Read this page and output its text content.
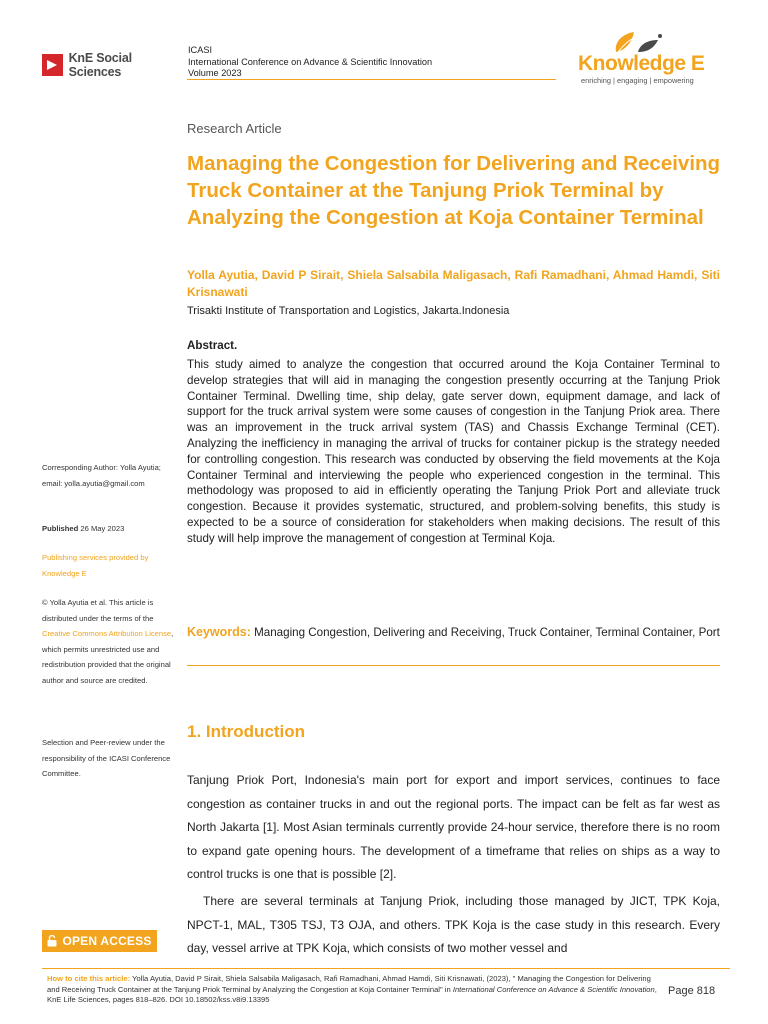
KnE Social Sciences
ICASI
International Conference on Advance & Scientific Innovation
Volume 2023	Knowledge E
enriching | engaging | empowering
Research Article
Managing the Congestion for Delivering and Receiving Truck Container at the Tanjung Priok Terminal by Analyzing the Congestion at Koja Container Terminal
Yolla Ayutia, David P Sirait, Shiela Salsabila Maligasach, Rafi Ramadhani, Ahmad Hamdi, Siti Krisnawati
Trisakti Institute of Transportation and Logistics, Jakarta.Indonesia
Abstract.
This study aimed to analyze the congestion that occurred around the Koja Container Terminal to develop strategies that will aid in managing the congestion presently occurring at the Tanjung Priok Container Terminal. Dwelling time, ship delay, gate server down, equipment damage, and lack of support for the truck arrival system were some causes of congestion in the Tanjung Priok area. There was an improvement in the truck arrival system (TAS) and Chassis Exchange Terminal (CET). Analyzing the inefficiency in managing the arrival of trucks for container pickup is the strategy needed for controlling congestion. This research was conducted by observing the field movements at the Koja Container Terminal and interviewing the people who experienced congestion in the terminal. This methodology was proposed to aid in efficiently operating the Tanjung Priok Port and alleviate truck congestion. Because it provides systematic, structured, and problem-solving benefits, this study is expected to be a source of consideration for stakeholders when making decisions. The result of this study will help improve the management of congestion at Terminal Koja.
Keywords: Managing Congestion, Delivering and Receiving, Truck Container, Terminal Container, Port
1. Introduction
Tanjung Priok Port, Indonesia's main port for export and import services, continues to face congestion as container trucks in and out the regional ports. The impact can be felt as far west as North Jakarta [1]. Most Asian terminals currently provide 24-hour service, therefore there is no room to expand gate opening hours. The development of a timeframe that relies on ships as a way to control trucks is one that is possible [2].
There are several terminals at Tanjung Priok, including those managed by JICT, TPK Koja, NPCT-1, MAL, T305 TSJ, T3 OJA, and others. TPK Koja is the case study in this research. Every day, vessel arrive at TPK Koja, which consists of two mother vessel and
Corresponding Author: Yolla Ayutia; email: yolla.ayutia@gmail.com
Published 26 May 2023
Publishing services provided by Knowledge E
© Yolla Ayutia et al. This article is distributed under the terms of the Creative Commons Attribution License, which permits unrestricted use and redistribution provided that the original author and source are credited.
Selection and Peer-review under the responsibility of the ICASI Conference Committee.
OPEN ACCESS
How to cite this article: Yolla Ayutia, David P Sirait, Shiela Salsabila Maligasach, Rafi Ramadhani, Ahmad Hamdi, Siti Krisnawati, (2023), " Managing the Congestion for Delivering and Receiving Truck Container at the Tanjung Priok Terminal by Analyzing the Congestion at Koja Container Terminal" in International Conference on Advance & Scientific Innovation, KnE Life Sciences, pages 818–826. DOI 10.18502/kss.v8i9.13395
Page 818
